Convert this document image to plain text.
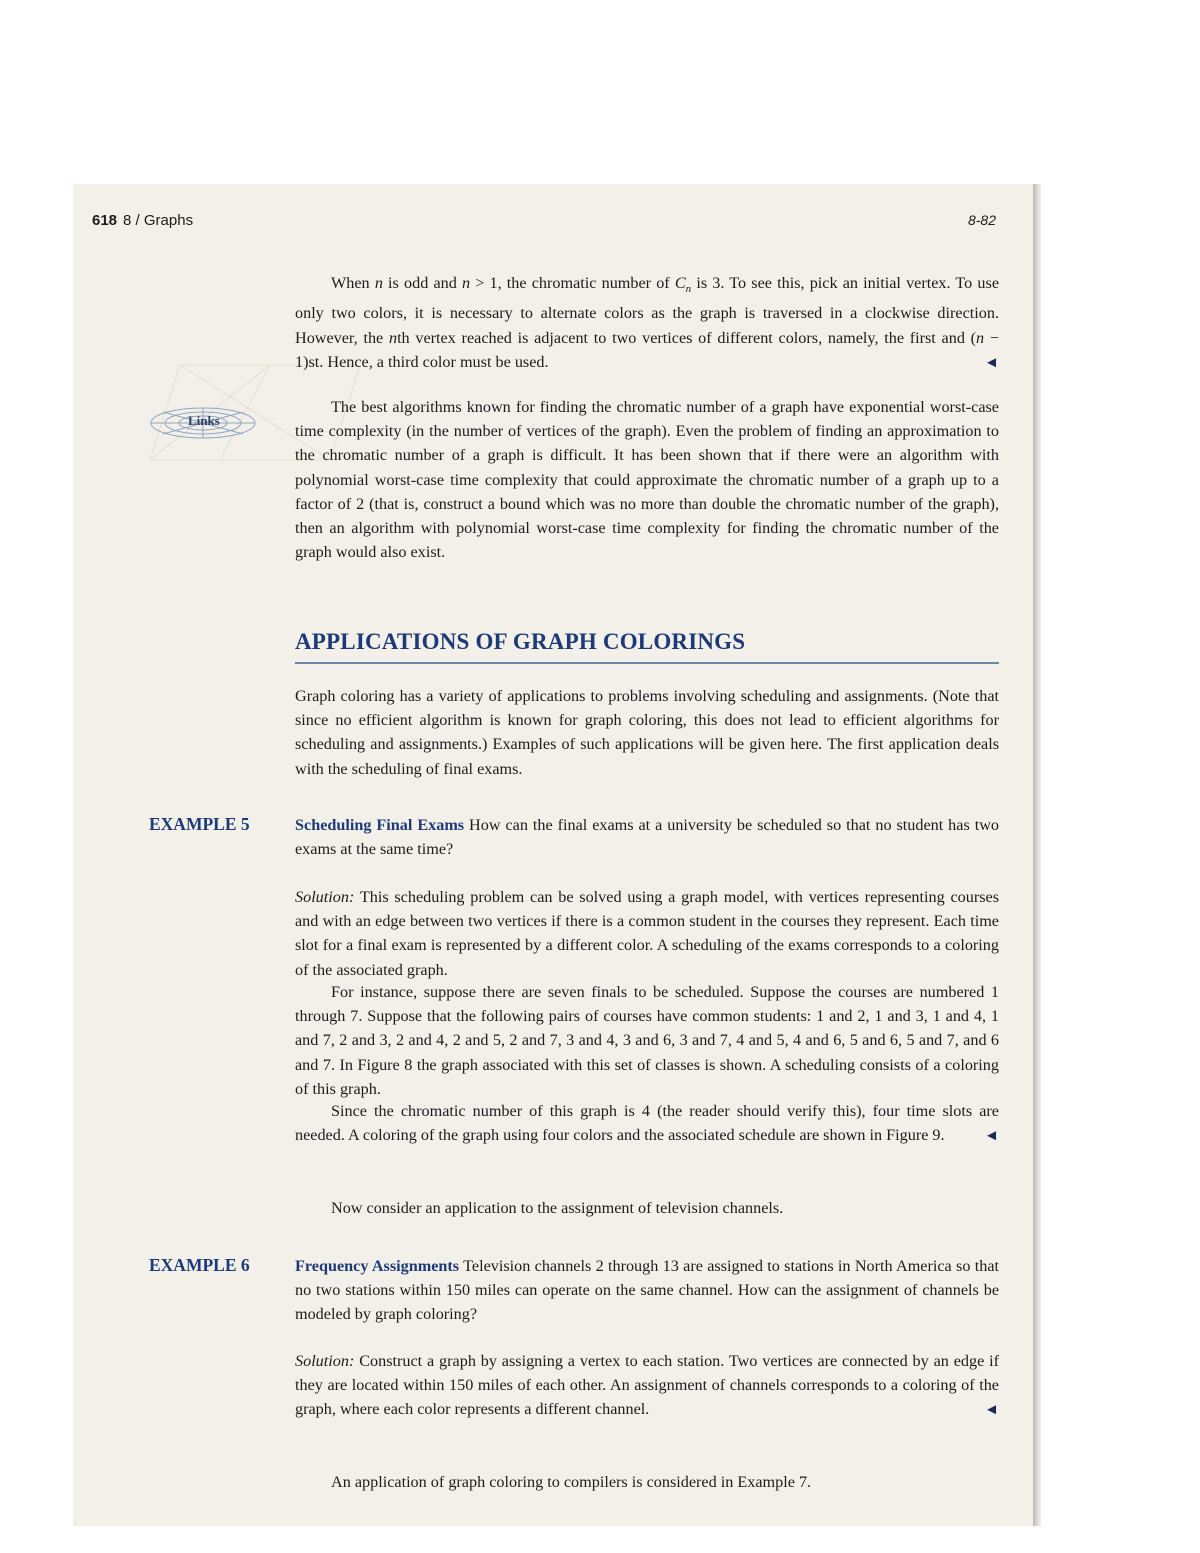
618 8 / Graphs	8-82

When n is odd and n > 1, the chromatic number of $C_n$ is 3. To see this, pick an initial vertex. To use only two colors, it is necessary to alternate colors as the graph is traversed in a clockwise direction. However, the nth vertex reached is adjacent to two vertices of different colors, namely, the first and (n − 1)st. Hence, a third color must be used.	◄

Links

The best algorithms known for finding the chromatic number of a graph have exponential worst-case time complexity (in the number of vertices of the graph). Even the problem of finding an approximation to the chromatic number of a graph is difficult. It has been shown that if there were an algorithm with polynomial worst-case time complexity that could approximate the chromatic number of a graph up to a factor of 2 (that is, construct a bound which was no more than double the chromatic number of the graph), then an algorithm with polynomial worst-case time complexity for finding the chromatic number of the graph would also exist.

APPLICATIONS OF GRAPH COLORINGS

Graph coloring has a variety of applications to problems involving scheduling and assignments. (Note that since no efficient algorithm is known for graph coloring, this does not lead to efficient algorithms for scheduling and assignments.) Examples of such applications will be given here. The first application deals with the scheduling of final exams.

EXAMPLE 5	Scheduling Final Exams How can the final exams at a university be scheduled so that no student has two exams at the same time?

Solution: This scheduling problem can be solved using a graph model, with vertices representing courses and with an edge between two vertices if there is a common student in the courses they represent. Each time slot for a final exam is represented by a different color. A scheduling of the exams corresponds to a coloring of the associated graph.

For instance, suppose there are seven finals to be scheduled. Suppose the courses are numbered 1 through 7. Suppose that the following pairs of courses have common students: 1 and 2, 1 and 3, 1 and 4, 1 and 7, 2 and 3, 2 and 4, 2 and 5, 2 and 7, 3 and 4, 3 and 6, 3 and 7, 4 and 5, 4 and 6, 5 and 6, 5 and 7, and 6 and 7. In Figure 8 the graph associated with this set of classes is shown. A scheduling consists of a coloring of this graph.

Since the chromatic number of this graph is 4 (the reader should verify this), four time slots are needed. A coloring of the graph using four colors and the associated schedule are shown in Figure 9.	◄

Now consider an application to the assignment of television channels.

EXAMPLE 6	Frequency Assignments Television channels 2 through 13 are assigned to stations in North America so that no two stations within 150 miles can operate on the same channel. How can the assignment of channels be modeled by graph coloring?

Solution: Construct a graph by assigning a vertex to each station. Two vertices are connected by an edge if they are located within 150 miles of each other. An assignment of channels corresponds to a coloring of the graph, where each color represents a different channel.	◄

An application of graph coloring to compilers is considered in Example 7.
